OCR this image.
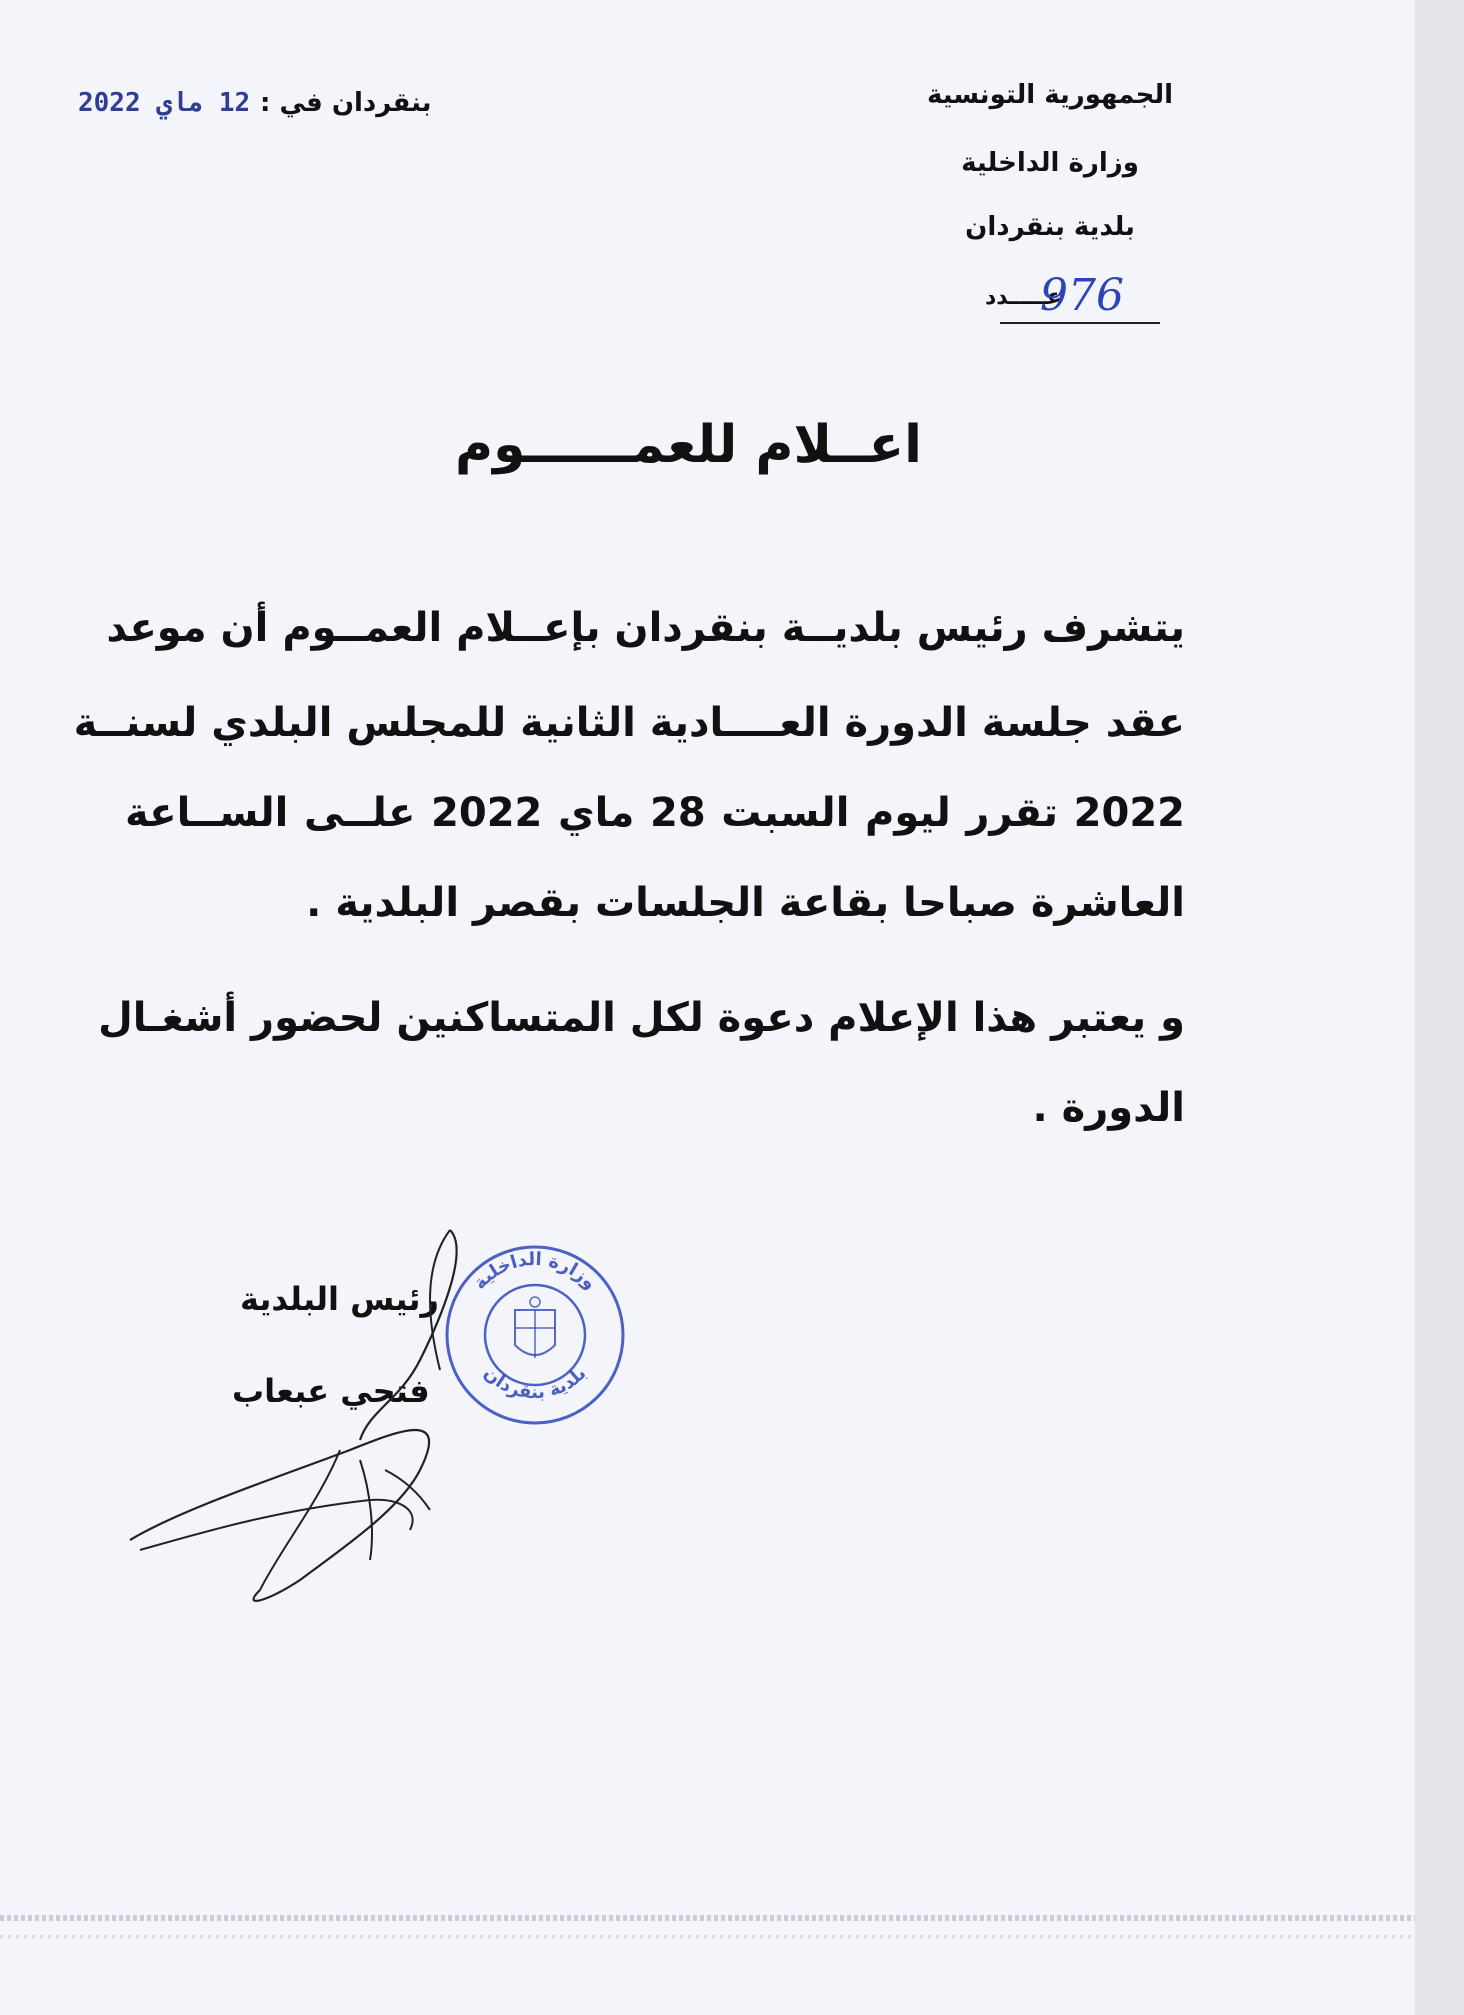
الجمهورية التونسية
وزارة الداخلية
بلدية بنقردان
عـــــدد
976
بنقردان في :
12 ماي 2022
اعــلام للعمــــــوم
يتشرف رئيس بلديــة بنقردان بإعــلام العمــوم أن موعد
عقد جلسة الدورة العــــادية الثانية للمجلس البلدي لسنــة
2022 تقرر ليوم السبت 28 ماي 2022 علــى الســاعة
العاشرة صباحا بقاعة الجلسات بقصر البلدية .
و يعتبر هذا الإعلام دعوة لكل المتساكنين لحضور أشغـال
الدورة .
رئيس البلدية
فتحي عبعاب
وزارة الداخلية
بلدية بنقردان
